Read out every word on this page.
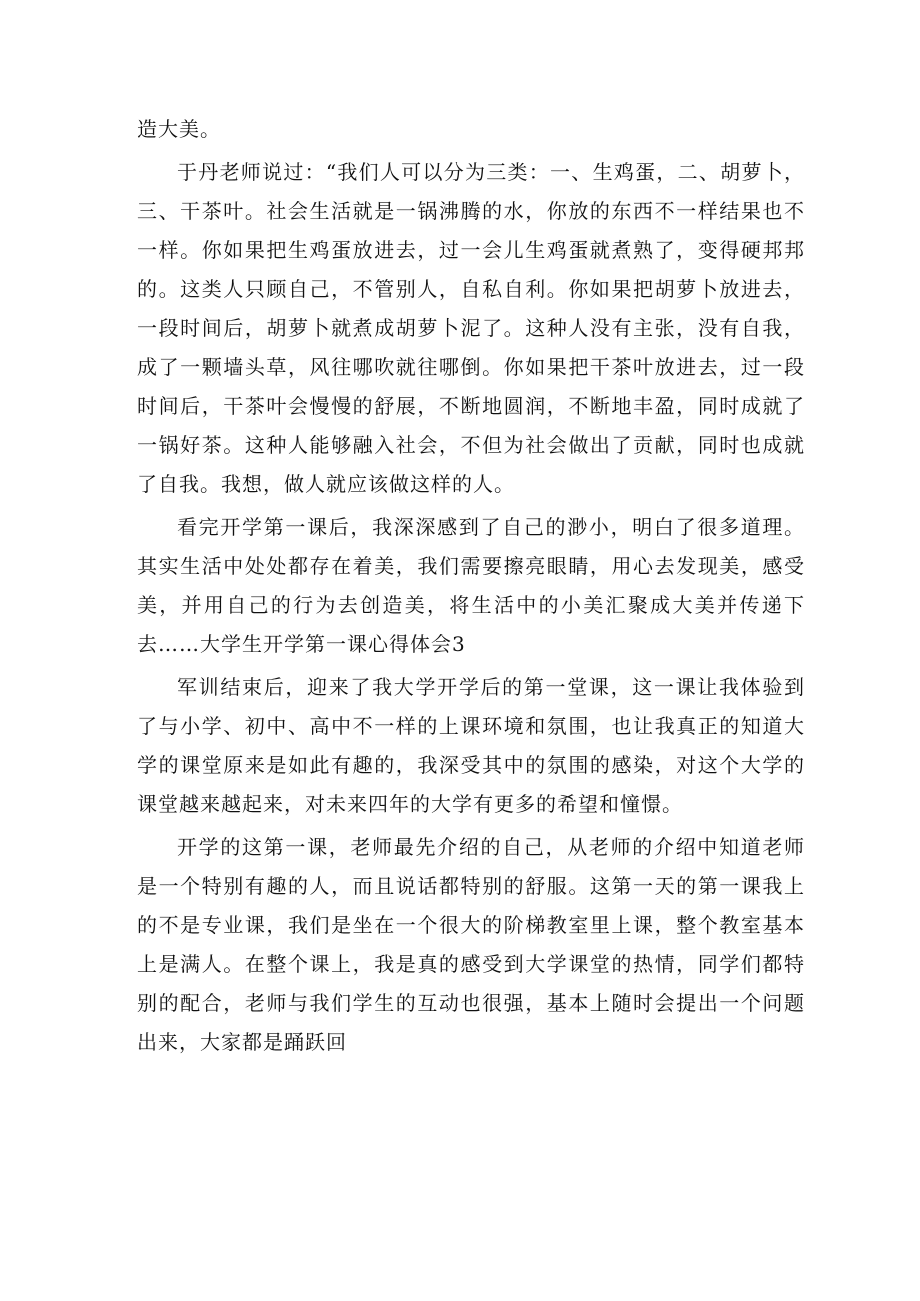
造大美。

于丹老师说过：“我们人可以分为三类：一、生鸡蛋，二、胡萝卜，三、干茶叶。社会生活就是一锅沸腾的水，你放的东西不一样结果也不一样。你如果把生鸡蛋放进去，过一会儿生鸡蛋就煮熟了，变得硬邦邦的。这类人只顾自己，不管别人，自私自利。你如果把胡萝卜放进去，一段时间后，胡萝卜就煮成胡萝卜泥了。这种人没有主张，没有自我，成了一颗墙头草，风往哪吹就往哪倒。你如果把干茶叶放进去，过一段时间后，干茶叶会慢慢的舒展，不断地圆润，不断地丰盈，同时成就了一锅好茶。这种人能够融入社会，不但为社会做出了贡献，同时也成就了自我。我想，做人就应该做这样的人。

看完开学第一课后，我深深感到了自己的渺小，明白了很多道理。其实生活中处处都存在着美，我们需要擦亮眼睛，用心去发现美，感受美，并用自己的行为去创造美，将生活中的小美汇聚成大美并传递下去……大学生开学第一课心得体会3

军训结束后，迎来了我大学开学后的第一堂课，这一课让我体验到了与小学、初中、高中不一样的上课环境和氛围，也让我真正的知道大学的课堂原来是如此有趣的，我深受其中的氛围的感染，对这个大学的课堂越来越起来，对未来四年的大学有更多的希望和憧憬。

开学的这第一课，老师最先介绍的自己，从老师的介绍中知道老师是一个特别有趣的人，而且说话都特别的舒服。这第一天的第一课我上的不是专业课，我们是坐在一个很大的阶梯教室里上课，整个教室基本上是满人。在整个课上，我是真的感受到大学课堂的热情，同学们都特别的配合，老师与我们学生的互动也很强，基本上随时会提出一个问题出来，大家都是踊跃回
